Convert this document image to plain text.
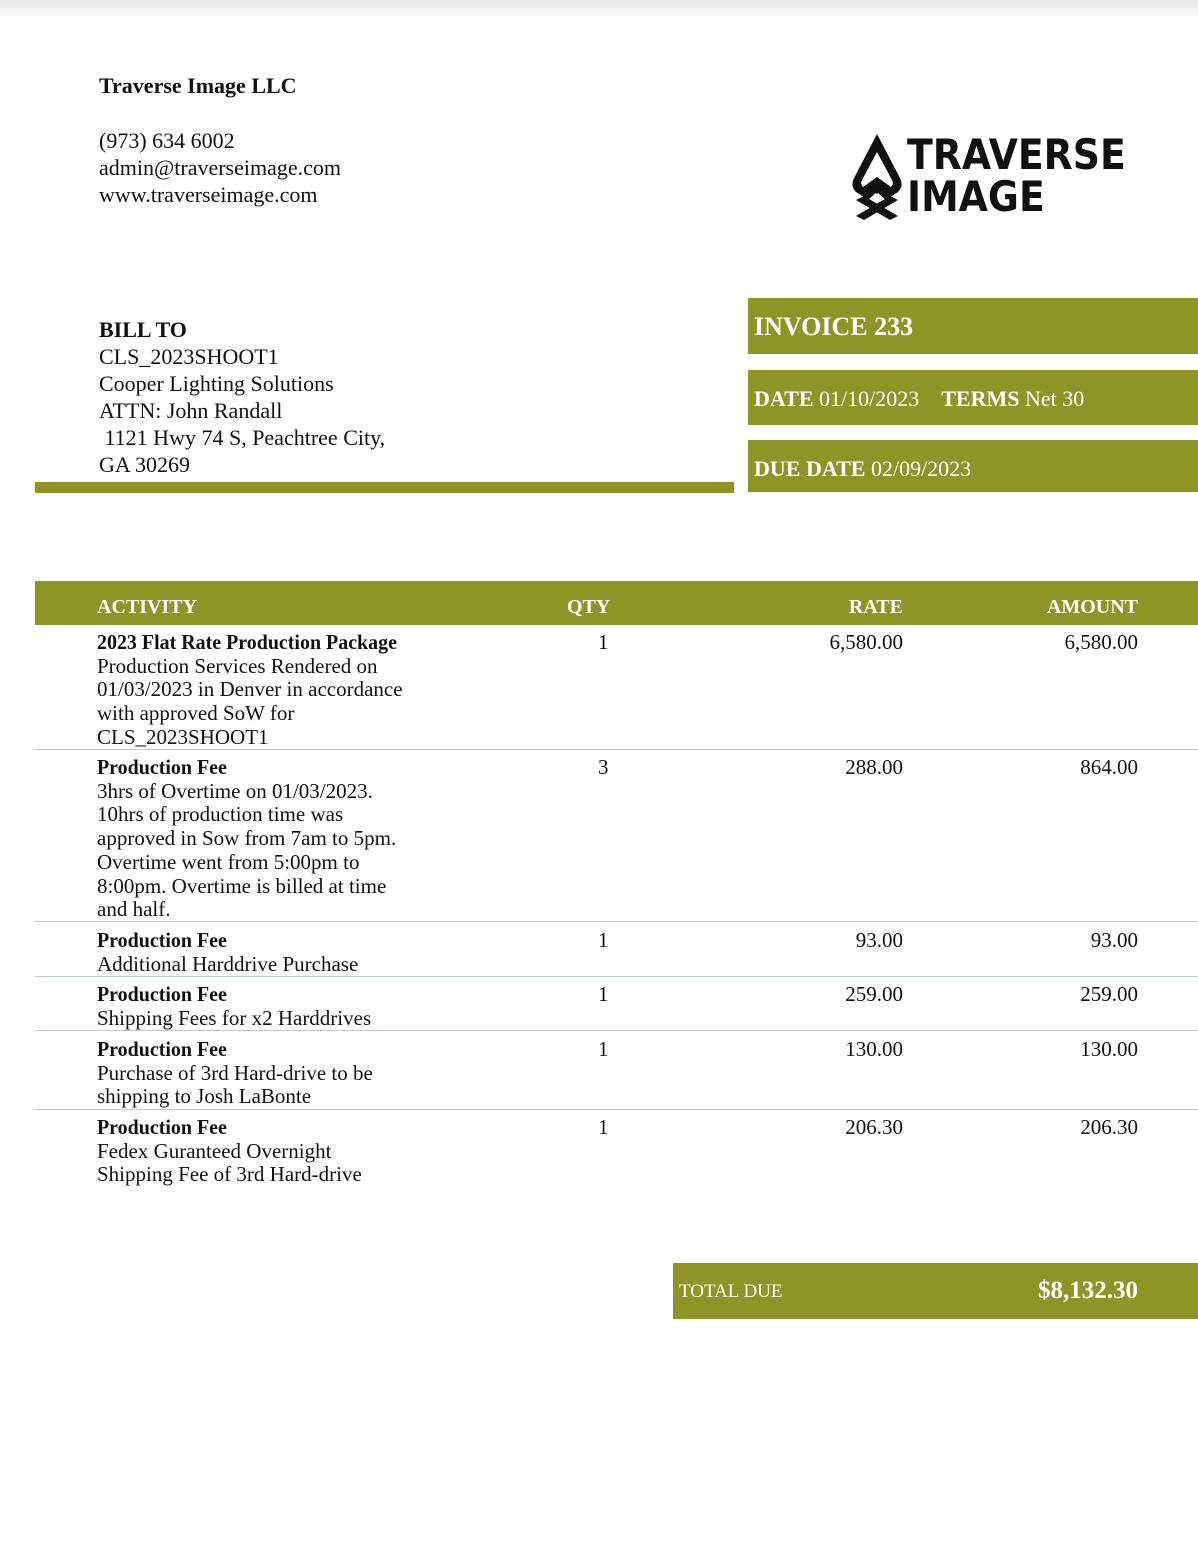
Traverse Image LLC
(973) 634 6002
admin@traverseimage.com
www.traverseimage.com
TRAVERSE
IMAGE
BILL TO
CLS_2023SHOOT1
Cooper Lighting Solutions
ATTN: John Randall
1121 Hwy 74 S, Peachtree City,
GA 30269
INVOICE 233
DATE 01/10/2023 TERMS Net 30
DUE DATE 02/09/2023
ACTIVITY	QTY	RATE	AMOUNT
2023 Flat Rate Production Package
Production Services Rendered on
01/03/2023 in Denver in accordance
with approved SoW for
CLS_2023SHOOT1
1	6,580.00	6,580.00
Production Fee
3hrs of Overtime on 01/03/2023.
10hrs of production time was
approved in Sow from 7am to 5pm.
Overtime went from 5:00pm to
8:00pm. Overtime is billed at time
and half.
3	288.00	864.00
Production Fee
Additional Harddrive Purchase
1	93.00	93.00
Production Fee
Shipping Fees for x2 Harddrives
1	259.00	259.00
Production Fee
Purchase of 3rd Hard-drive to be
shipping to Josh LaBonte
1	130.00	130.00
Production Fee
Fedex Guranteed Overnight
Shipping Fee of 3rd Hard-drive
1	206.30	206.30
TOTAL DUE	$8,132.30
